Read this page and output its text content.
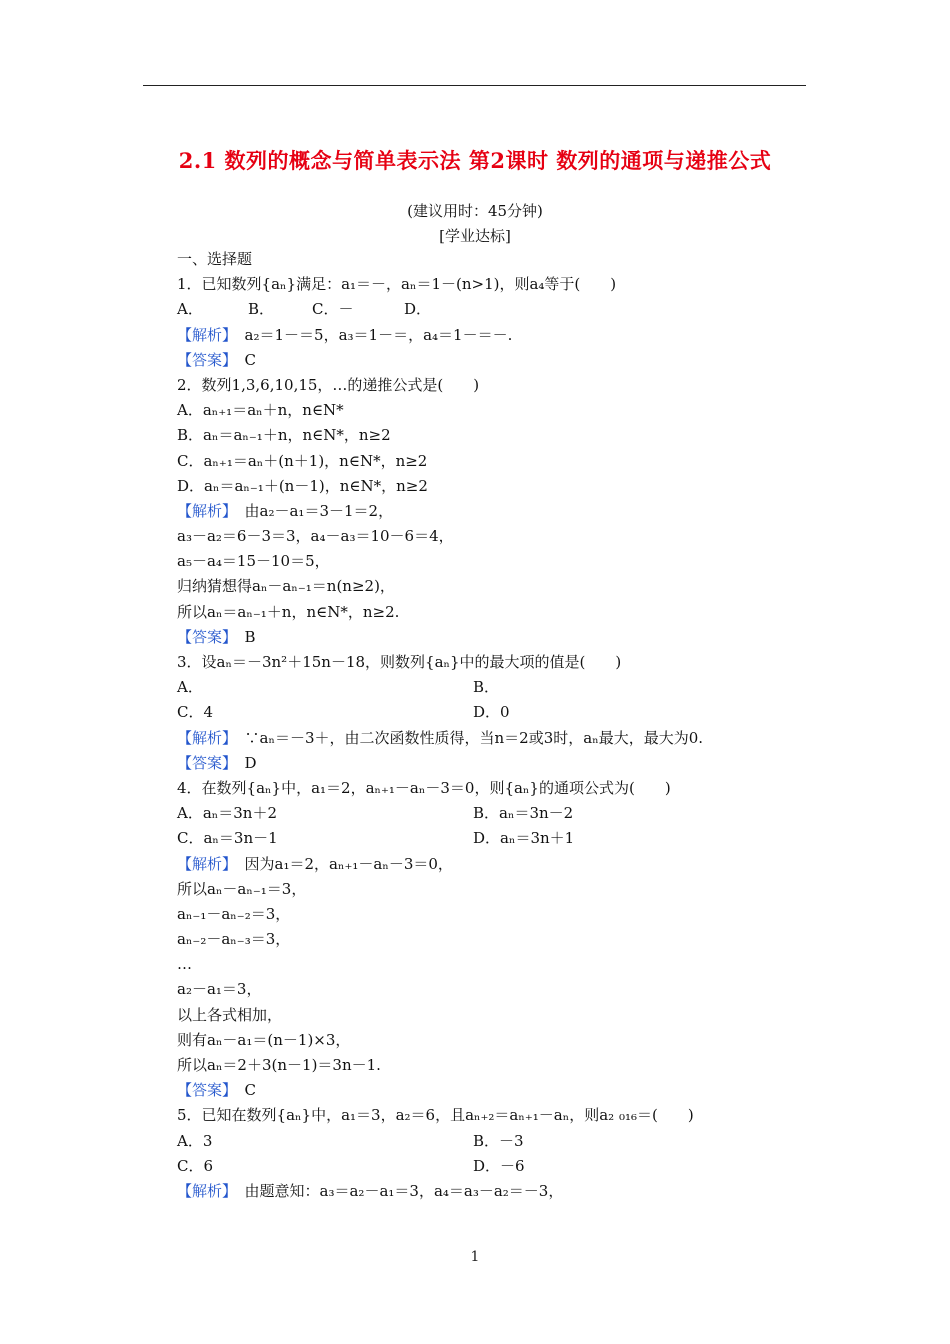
2.1 数列的概念与简单表示法 第2课时 数列的通项与递推公式
(建议用时：45分钟)
[学业达标]
一、选择题
1．已知数列{aₙ}满足：a₁＝－，aₙ＝1－(n>1)，则a₄等于(　　)
A．	B．	C．－	D．
【解析】　 a₂＝1－＝5，a₃＝1－＝，a₄＝1－＝－.
【答案】　 C
2．数列1,3,6,10,15，…的递推公式是(　　)
A．aₙ₊₁＝aₙ＋n，n∈N*
B．aₙ＝aₙ₋₁＋n，n∈N*，n≥2
C．aₙ₊₁＝aₙ＋(n＋1)，n∈N*，n≥2
D．aₙ＝aₙ₋₁＋(n－1)，n∈N*，n≥2
【解析】　 由a₂－a₁＝3－1＝2，
a₃－a₂＝6－3＝3，a₄－a₃＝10－6＝4，
a₅－a₄＝15－10＝5，
归纳猜想得aₙ－aₙ₋₁＝n(n≥2)，
所以aₙ＝aₙ₋₁＋n，n∈N*，n≥2.
【答案】　 B
3．设aₙ＝－3n²＋15n－18，则数列{aₙ}中的最大项的值是(　　)
A．	B．
C．4	D．0
【解析】　 ∵aₙ＝－3＋，由二次函数性质得，当n＝2或3时，aₙ最大，最大为0.
【答案】　 D
4．在数列{aₙ}中，a₁＝2，aₙ₊₁－aₙ－3＝0，则{aₙ}的通项公式为(　　)
A．aₙ＝3n＋2	B．aₙ＝3n－2
C．aₙ＝3n－1	D．aₙ＝3n＋1
【解析】　 因为a₁＝2，aₙ₊₁－aₙ－3＝0，
所以aₙ－aₙ₋₁＝3，
aₙ₋₁－aₙ₋₂＝3，
aₙ₋₂－aₙ₋₃＝3，
…
a₂－a₁＝3，
以上各式相加，
则有aₙ－a₁＝(n－1)×3，
所以aₙ＝2＋3(n－1)＝3n－1.
【答案】　 C
5．已知在数列{aₙ}中，a₁＝3，a₂＝6，且aₙ₊₂＝aₙ₊₁－aₙ，则a₂ ₀₁₆＝(　　)
A．3	B．－3
C．6	D．－6
【解析】　 由题意知：a₃＝a₂－a₁＝3，a₄＝a₃－a₂＝－3，
1
